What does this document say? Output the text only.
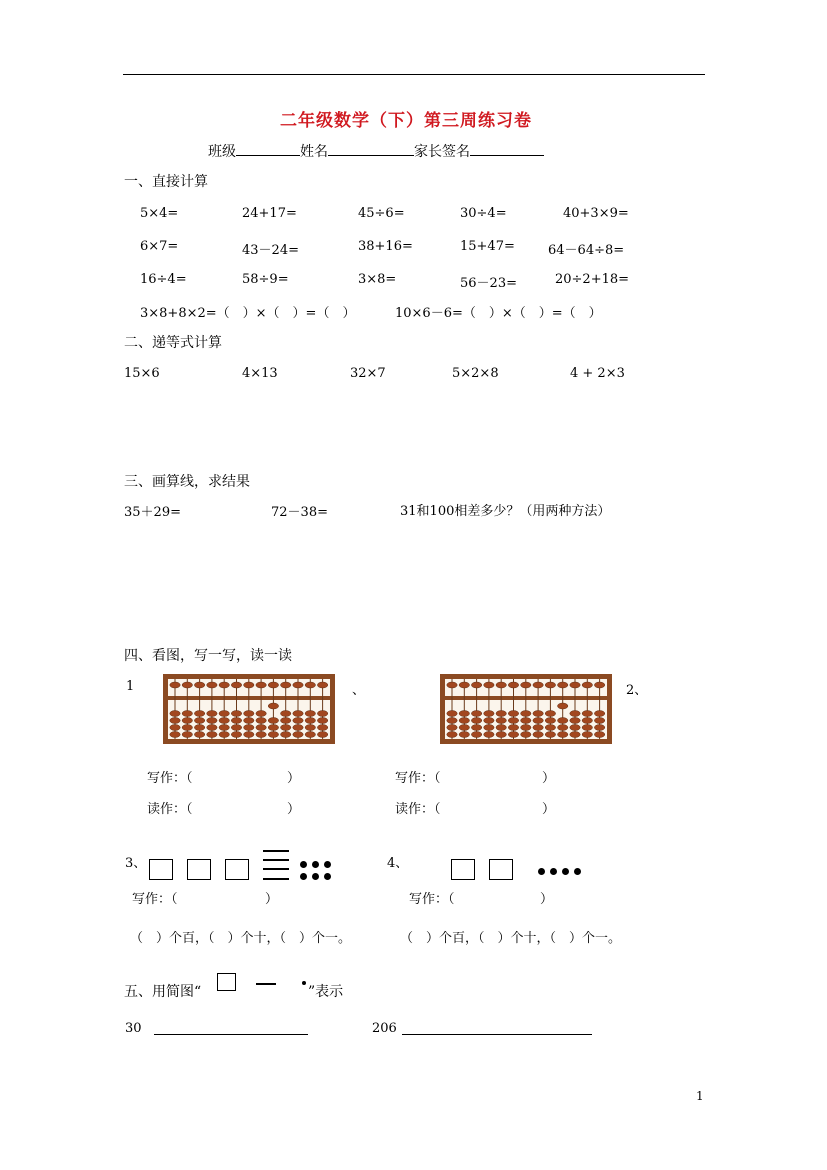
二年级数学（下）第三周练习卷
班级	姓名	家长签名
一、直接计算
5×4=	24+17=	45÷6=	30÷4=	40+3×9=
6×7=	43－24=	38+16=	15+47=	64－64÷8=
16÷4=	58÷9=	3×8=	56－23=	20÷2+18=
3×8+8×2=（　）×（　）=（　）	10×6－6=（　）×（　）=（　）
二、递等式计算
15×6	4×13	32×7	5×2×8	4 + 2×3
三、画算线，求结果
35＋29=	72－38=	31和100相差多少？（用两种方法）
四、看图，写一写，读一读
1	、	2、
写作：（	）	写作：（	）
读作：（	）	读作：（	）
3、	4、
写作：（	）	写作：（	）
（　）个百，（　）个十，（　）个一。	（　）个百，（　）个十，（　）个一。
五、用简图“	”表示
30	206
1
